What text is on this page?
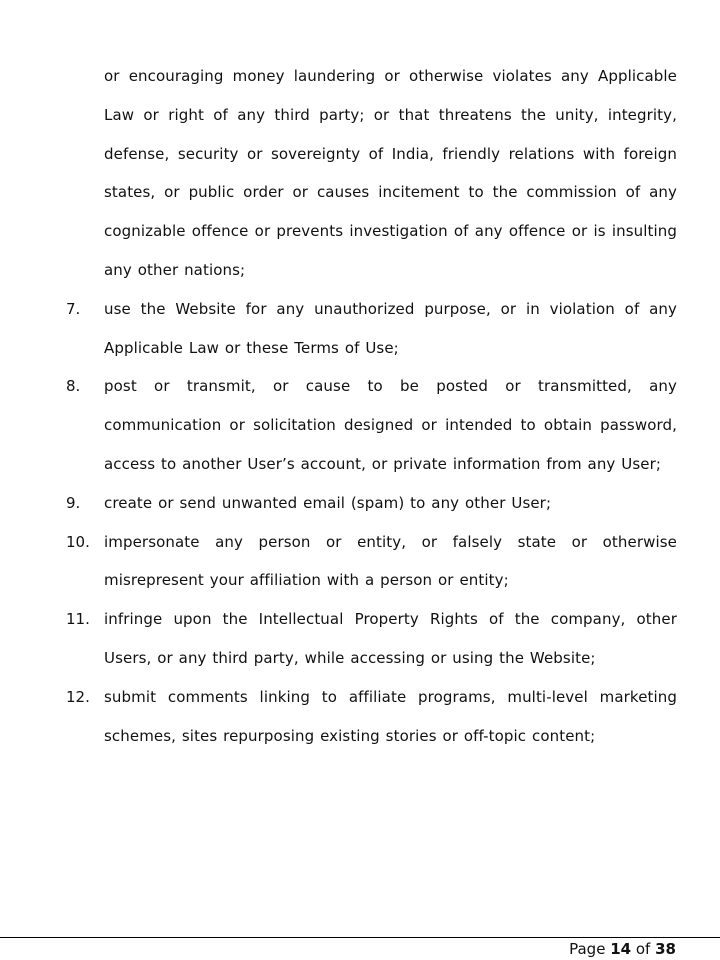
or encouraging money laundering or otherwise violates any Applicable Law or right of any third party; or that threatens the unity, integrity, defense, security or sovereignty of India, friendly relations with foreign states, or public order or causes incitement to the commission of any cognizable offence or prevents investigation of any offence or is insulting any other nations;

7. use the Website for any unauthorized purpose, or in violation of any Applicable Law or these Terms of Use;

8. post or transmit, or cause to be posted or transmitted, any communication or solicitation designed or intended to obtain password, access to another User’s account, or private information from any User;

9. create or send unwanted email (spam) to any other User;

10. impersonate any person or entity, or falsely state or otherwise misrepresent your affiliation with a person or entity;

11. infringe upon the Intellectual Property Rights of the company, other Users, or any third party, while accessing or using the Website;

12. submit comments linking to affiliate programs, multi-level marketing schemes, sites repurposing existing stories or off-topic content;

Page 14 of 38
